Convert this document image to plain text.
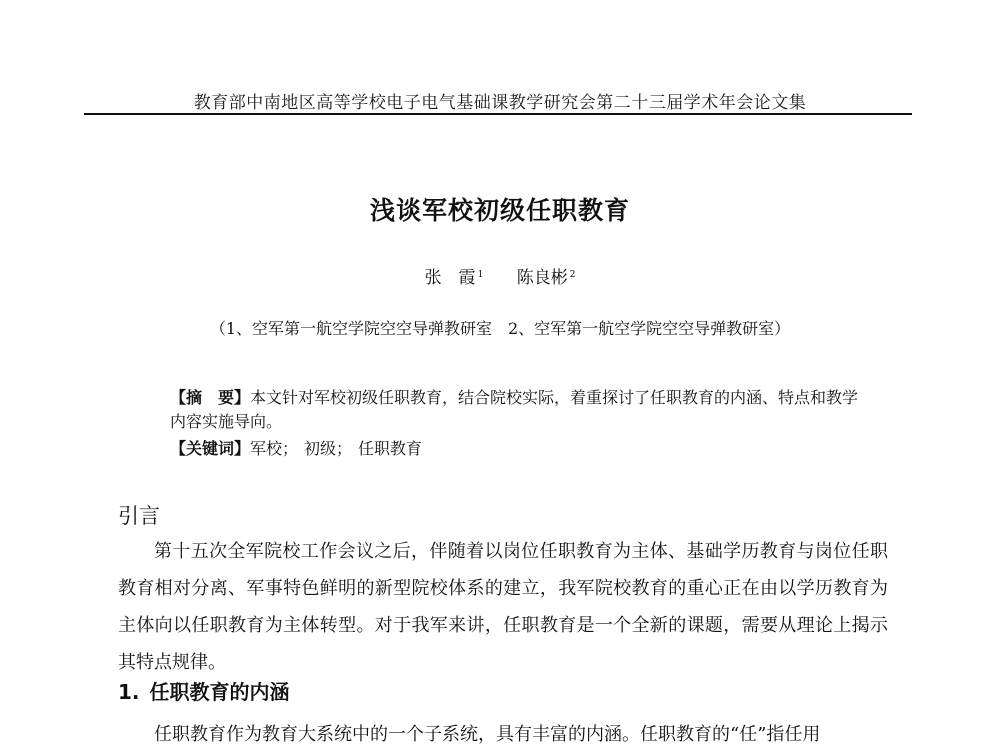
教育部中南地区高等学校电子电气基础课教学研究会第二十三届学术年会论文集
浅谈军校初级任职教育
张　霞 $^1$ 陈良彬 $^2$
（1、空军第一航空学院空空导弹教研室　2、空军第一航空学院空空导弹教研室）
【摘　要】本文针对军校初级任职教育，结合院校实际，着重探讨了任职教育的内涵、特点和教学内容实施导向。
【关键词】军校； 初级； 任职教育
引言
第十五次全军院校工作会议之后，伴随着以岗位任职教育为主体、基础学历教育与岗位任职教育相对分离、军事特色鲜明的新型院校体系的建立，我军院校教育的重心正在由以学历教育为主体向以任职教育为主体转型。对于我军来讲，任职教育是一个全新的课题，需要从理论上揭示其特点规律。
1. 任职教育的内涵
任职教育作为教育大系统中的一个子系统，具有丰富的内涵。任职教育的“任”指任用
